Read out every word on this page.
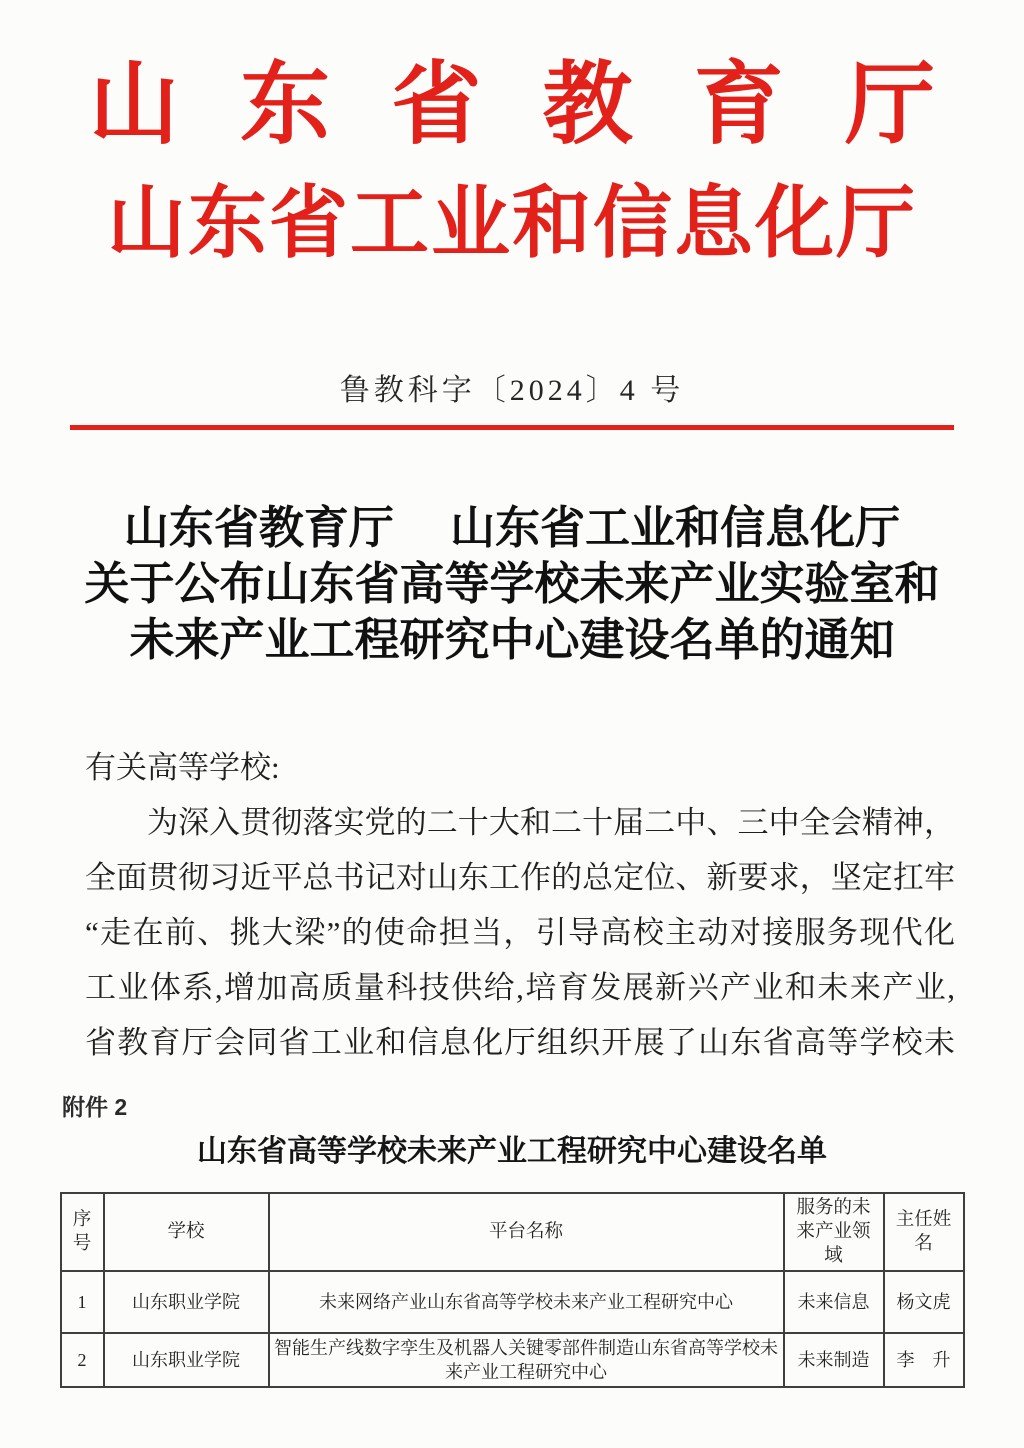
山东省教育厅
山东省工业和信息化厅
鲁教科字〔2024〕4 号
山东省教育厅　 山东省工业和信息化厅
关于公布山东省高等学校未来产业实验室和
未来产业工程研究中心建设名单的通知
有关高等学校:
为深入贯彻落实党的二十大和二十届二中、三中全会精神，
全面贯彻习近平总书记对山东工作的总定位、新要求，坚定扛牢
“走在前、挑大梁”的使命担当，引导高校主动对接服务现代化
工业体系,增加高质量科技供给,培育发展新兴产业和未来产业,
省教育厅会同省工业和信息化厅组织开展了山东省高等学校未
附件 2
山东省高等学校未来产业工程研究中心建设名单
序号	学校	平台名称	服务的未来产业领域	主任姓名
1	山东职业学院	未来网络产业山东省高等学校未来产业工程研究中心	未来信息	杨文虎
2	山东职业学院	智能生产线数字孪生及机器人关键零部件制造山东省高等学校未来产业工程研究中心	未来制造	李　升
